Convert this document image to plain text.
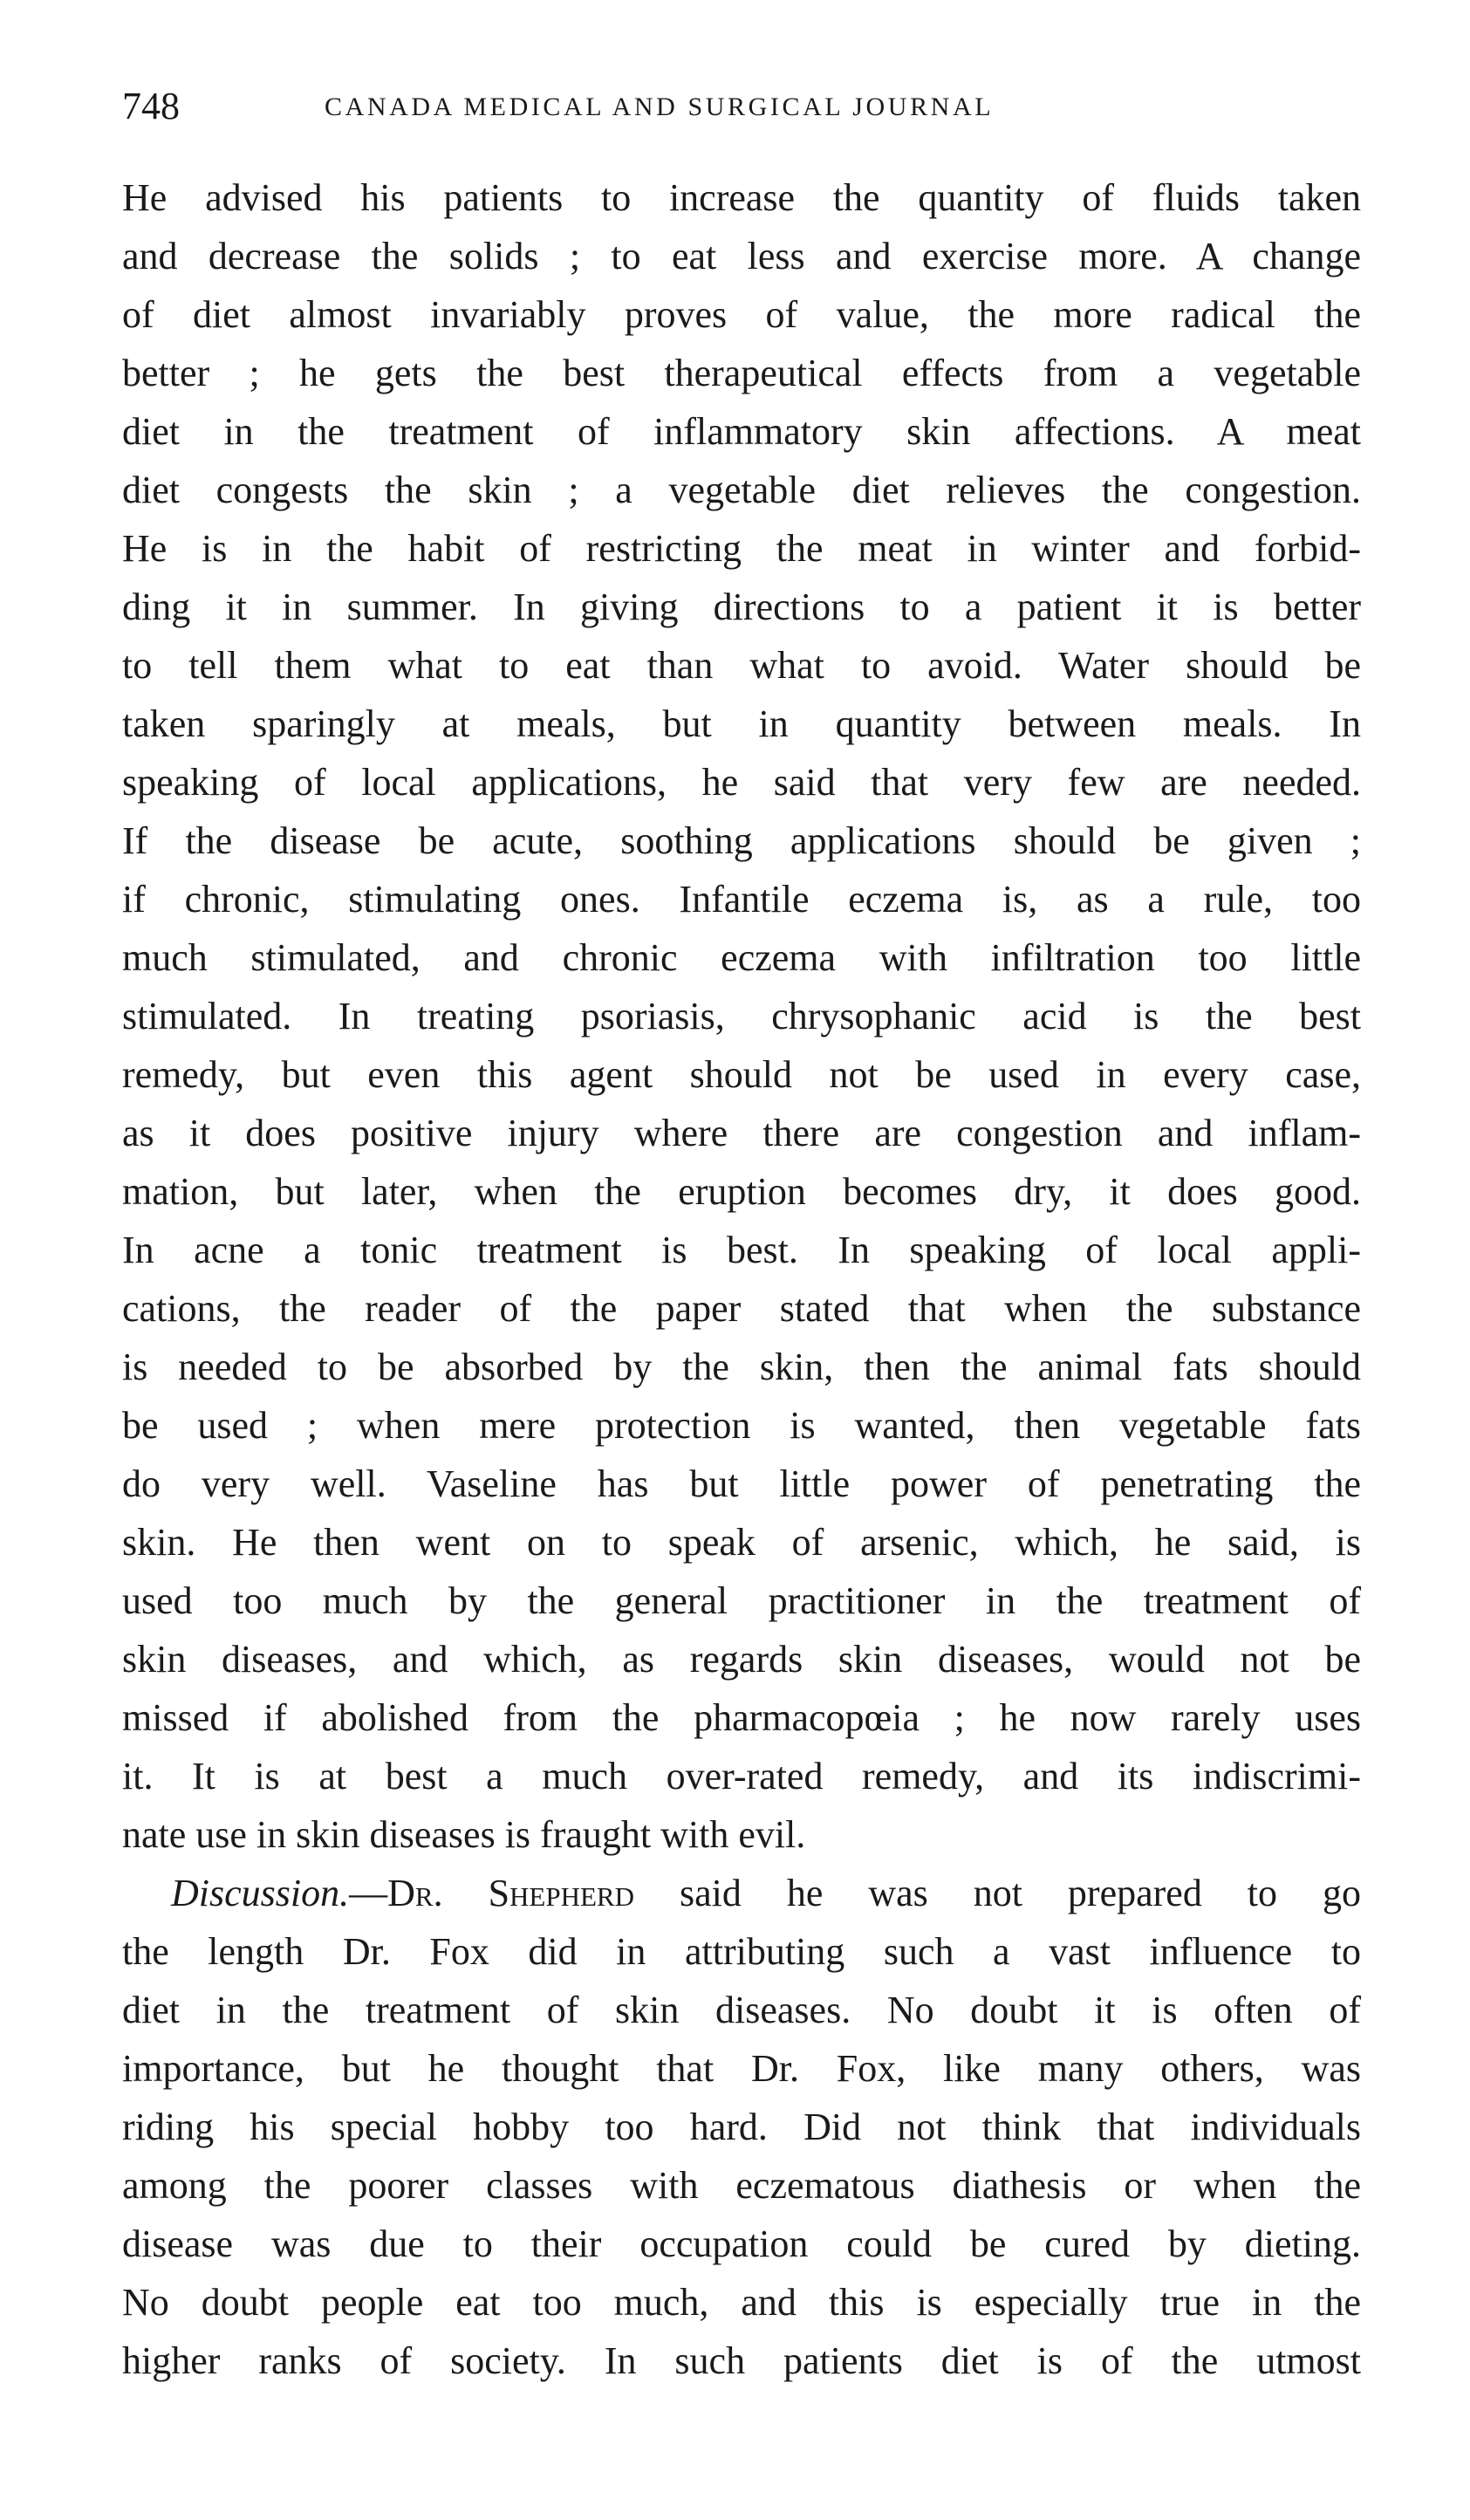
748	CANADA MEDICAL AND SURGICAL JOURNAL
He advised his patients to increase the quantity of fluids taken
and decrease the solids ; to eat less and exercise more. A change
of diet almost invariably proves of value, the more radical the
better ; he gets the best therapeutical effects from a vegetable
diet in the treatment of inflammatory skin affections. A meat
diet congests the skin ; a vegetable diet relieves the congestion.
He is in the habit of restricting the meat in winter and forbid-
ding it in summer. In giving directions to a patient it is better
to tell them what to eat than what to avoid. Water should be
taken sparingly at meals, but in quantity between meals. In
speaking of local applications, he said that very few are needed.
If the disease be acute, soothing applications should be given ;
if chronic, stimulating ones. Infantile eczema is, as a rule, too
much stimulated, and chronic eczema with infiltration too little
stimulated. In treating psoriasis, chrysophanic acid is the best
remedy, but even this agent should not be used in every case,
as it does positive injury where there are congestion and inflam-
mation, but later, when the eruption becomes dry, it does good.
In acne a tonic treatment is best. In speaking of local appli-
cations, the reader of the paper stated that when the substance
is needed to be absorbed by the skin, then the animal fats should
be used ; when mere protection is wanted, then vegetable fats
do very well. Vaseline has but little power of penetrating the
skin. He then went on to speak of arsenic, which, he said, is
used too much by the general practitioner in the treatment of
skin diseases, and which, as regards skin diseases, would not be
missed if abolished from the pharmacopœia ; he now rarely uses
it. It is at best a much over-rated remedy, and its indiscrimi-
nate use in skin diseases is fraught with evil.
Discussion.—Dr. Shepherd said he was not prepared to go
the length Dr. Fox did in attributing such a vast influence to
diet in the treatment of skin diseases. No doubt it is often of
importance, but he thought that Dr. Fox, like many others, was
riding his special hobby too hard. Did not think that individuals
among the poorer classes with eczematous diathesis or when the
disease was due to their occupation could be cured by dieting.
No doubt people eat too much, and this is especially true in the
higher ranks of society. In such patients diet is of the utmost
